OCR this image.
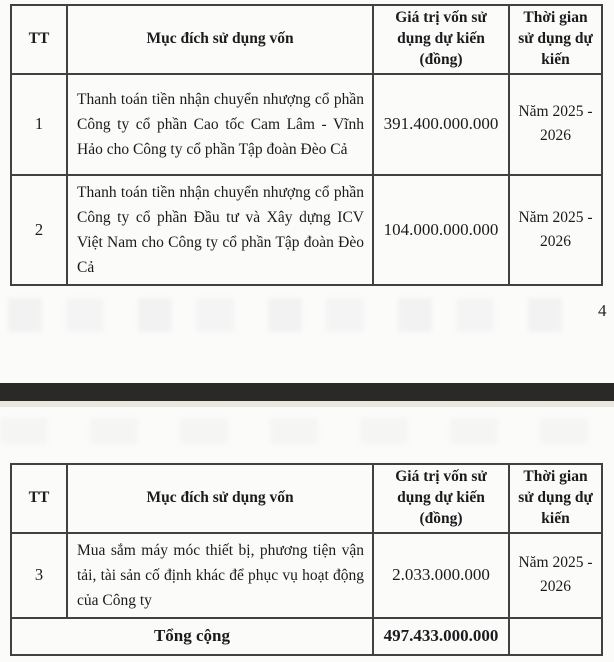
TT	Mục đích sử dụng vốn	Giá trị vốn sử dụng dự kiến (đồng)	Thời gian sử dụng dự kiến
1	Thanh toán tiền nhận chuyển nhượng cổ phần Công ty cổ phần Cao tốc Cam Lâm - Vĩnh Hảo cho Công ty cổ phần Tập đoàn Đèo Cả	391.400.000.000	Năm 2025 - 2026
2	Thanh toán tiền nhận chuyển nhượng cổ phần Công ty cổ phần Đầu tư và Xây dựng ICV Việt Nam cho Công ty cổ phần Tập đoàn Đèo Cả	104.000.000.000	Năm 2025 - 2026
4
TT	Mục đích sử dụng vốn	Giá trị vốn sử dụng dự kiến (đồng)	Thời gian sử dụng dự kiến
3	Mua sắm máy móc thiết bị, phương tiện vận tải, tài sản cố định khác để phục vụ hoạt động của Công ty	2.033.000.000	Năm 2025 - 2026
Tổng cộng		497.433.000.000	
